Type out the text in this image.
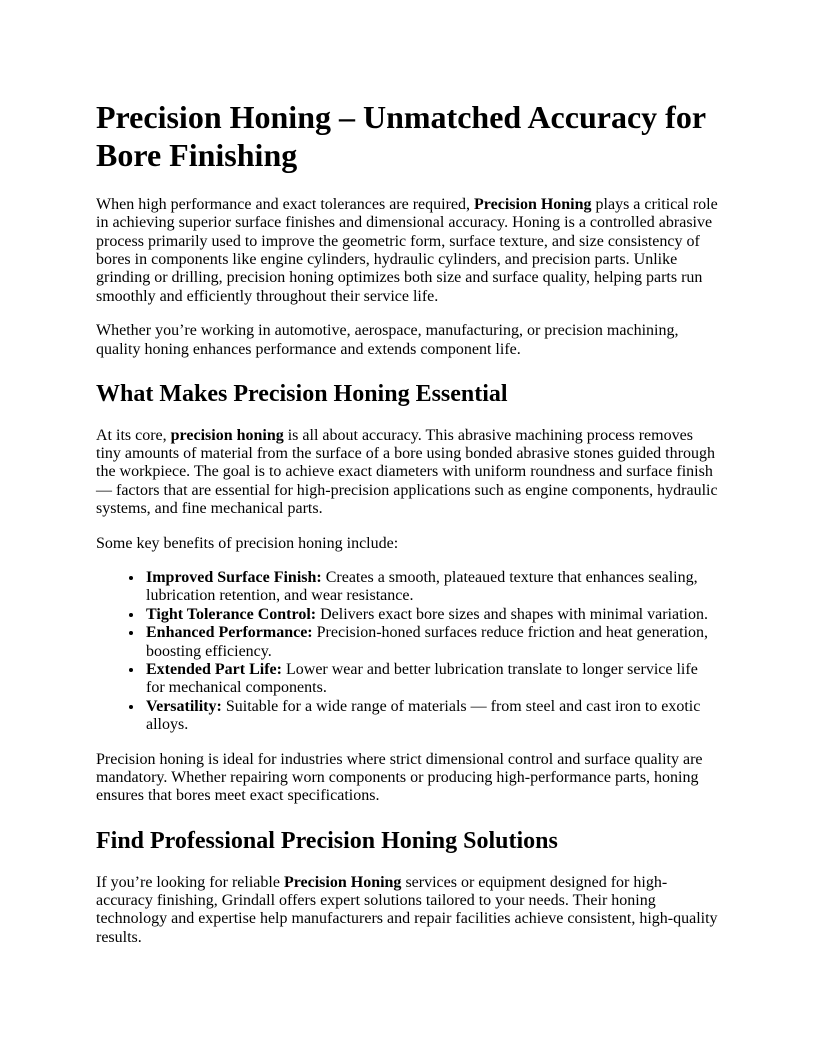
Precision Honing – Unmatched Accuracy for Bore Finishing

When high performance and exact tolerances are required, Precision Honing plays a critical role in achieving superior surface finishes and dimensional accuracy. Honing is a controlled abrasive process primarily used to improve the geometric form, surface texture, and size consistency of bores in components like engine cylinders, hydraulic cylinders, and precision parts. Unlike grinding or drilling, precision honing optimizes both size and surface quality, helping parts run smoothly and efficiently throughout their service life.

Whether you’re working in automotive, aerospace, manufacturing, or precision machining, quality honing enhances performance and extends component life.

What Makes Precision Honing Essential

At its core, precision honing is all about accuracy. This abrasive machining process removes tiny amounts of material from the surface of a bore using bonded abrasive stones guided through the workpiece. The goal is to achieve exact diameters with uniform roundness and surface finish — factors that are essential for high-precision applications such as engine components, hydraulic systems, and fine mechanical parts.

Some key benefits of precision honing include:

• Improved Surface Finish: Creates a smooth, plateaued texture that enhances sealing, lubrication retention, and wear resistance.
• Tight Tolerance Control: Delivers exact bore sizes and shapes with minimal variation.
• Enhanced Performance: Precision-honed surfaces reduce friction and heat generation, boosting efficiency.
• Extended Part Life: Lower wear and better lubrication translate to longer service life for mechanical components.
• Versatility: Suitable for a wide range of materials — from steel and cast iron to exotic alloys.

Precision honing is ideal for industries where strict dimensional control and surface quality are mandatory. Whether repairing worn components or producing high-performance parts, honing ensures that bores meet exact specifications.

Find Professional Precision Honing Solutions

If you’re looking for reliable Precision Honing services or equipment designed for high-accuracy finishing, Grindall offers expert solutions tailored to your needs. Their honing technology and expertise help manufacturers and repair facilities achieve consistent, high-quality results.
